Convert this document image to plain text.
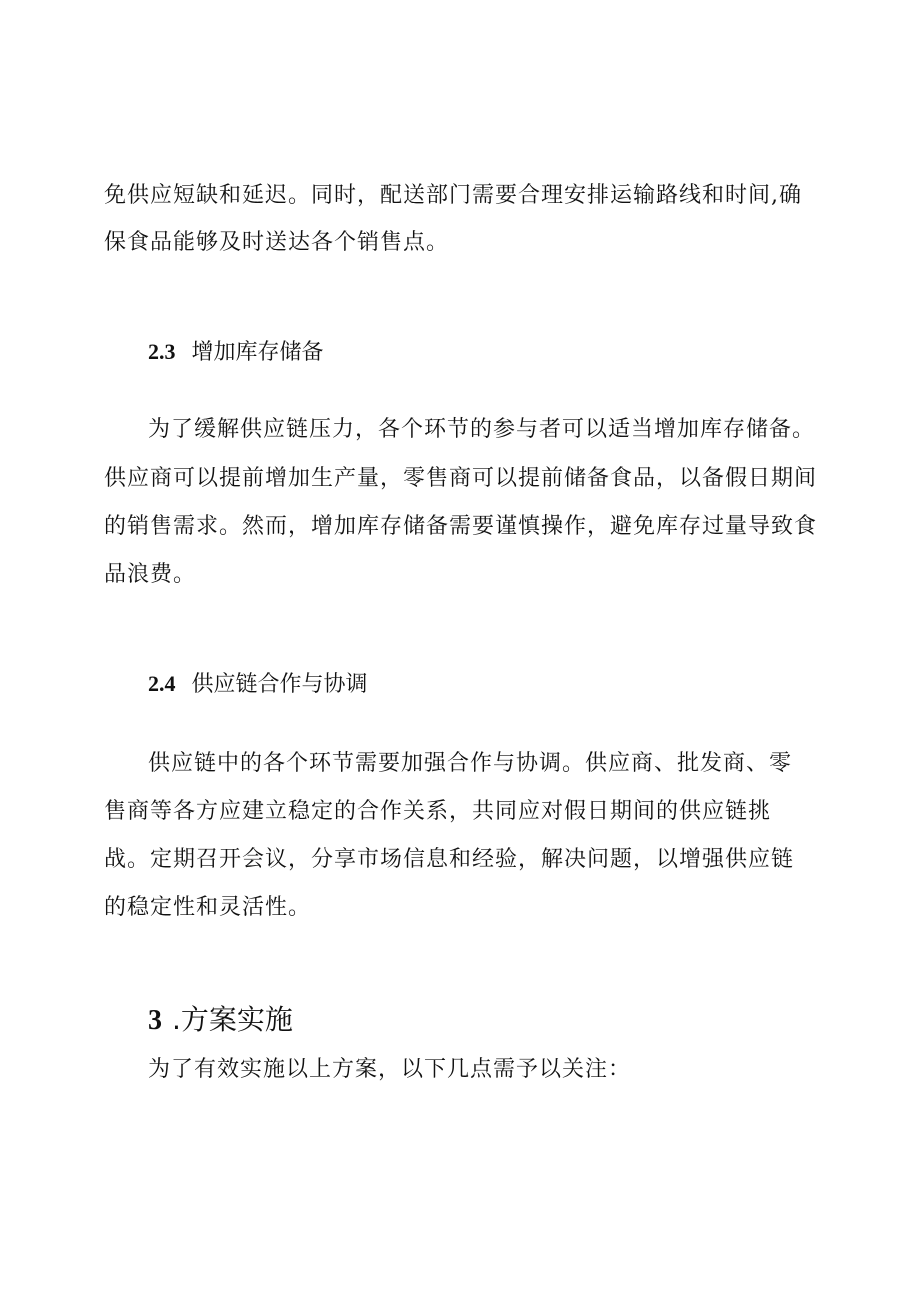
免供应短缺和延迟。同时，配送部门需要合理安排运输路线和时间,确
保食品能够及时送达各个销售点。
2.3 增加库存储备
为了缓解供应链压力，各个环节的参与者可以适当增加库存储备。
供应商可以提前增加生产量，零售商可以提前储备食品，以备假日期间
的销售需求。然而，增加库存储备需要谨慎操作，避免库存过量导致食
品浪费。
2.4 供应链合作与协调
供应链中的各个环节需要加强合作与协调。供应商、批发商、零
售商等各方应建立稳定的合作关系，共同应对假日期间的供应链挑
战。定期召开会议，分享市场信息和经验，解决问题，以增强供应链
的稳定性和灵活性。
3 .方案实施
为了有效实施以上方案，以下几点需予以关注：
